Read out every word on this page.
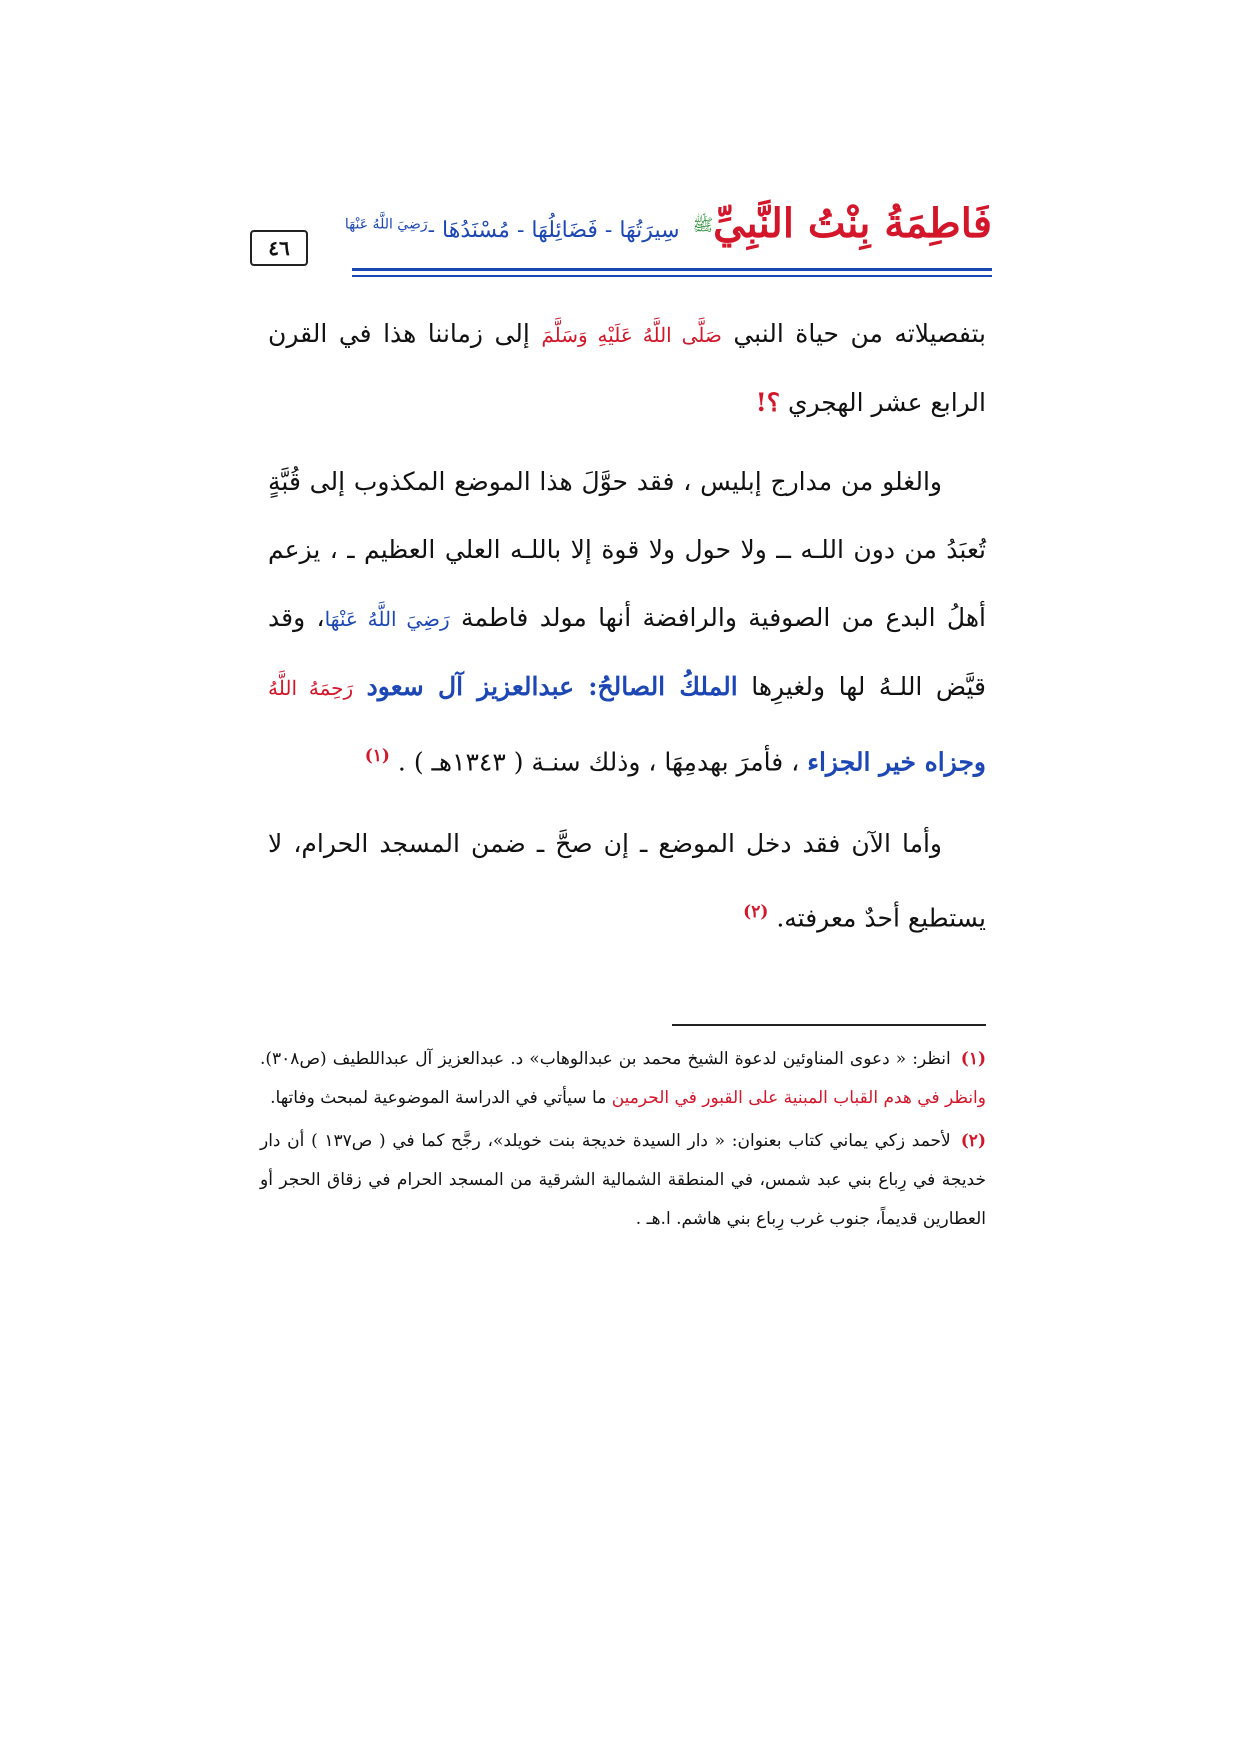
فَاطِمَةُ بِنْتُ النَّبِيِّﷺ سِيرَتُهَا - فَضَائِلُهَا - مُسْنَدُهَا -$^{رَضِيَ اللَّهُ عَنْهَا}$
٤٦

بتفصيلاته من حياة النبي صَلَّى اللَّهُ عَلَيْهِ وَسَلَّمَ إلى زماننا هذا في القرن الرابع عشر الهجري ؟!

والغلو من مدارج إبليس ، فقد حوَّلَ هذا الموضع المكذوب إلى قُبَّةٍ تُعبَدُ من دون اللـه ــ ولا حول ولا قوة إلا باللـه العلي العظيم ـ ، يزعم أهلُ البدع من الصوفية والرافضة أنها مولد فاطمة رَضِيَ اللَّهُ عَنْهَا، وقد قيَّض اللـهُ لها ولغيرِها الملكُ الصالحُ: عبدالعزيز آل سعود رَحِمَهُ اللَّهُ وجزاه خير الجزاء ، فأمرَ بهدمِهَا ، وذلك سنـة ( ١٣٤٣هـ ) . $^{(١)}$

وأما الآن فقد دخل الموضع ـ إن صحَّ ـ ضمن المسجد الحرام، لا يستطيع أحدٌ معرفته. $^{(٢)}$

(١)انظر: « دعوى المناوئين لدعوة الشيخ محمد بن عبدالوهاب» د. عبدالعزيز آل عبداللطيف (ص٣٠٨). وانظر في هدم القباب المبنية على القبور في الحرمين ما سيأتي في الدراسة الموضوعية لمبحث وفاتها.

(٢)لأحمد زكي يماني كتاب بعنوان: « دار السيدة خديجة بنت خويلد»، رجَّح كما في ( ص١٣٧ ) أن دار خديجة في رِباع بني عبد شمس، في المنطقة الشمالية الشرقية من المسجد الحرام في زقاق الحجر أو العطارين قديماً، جنوب غرب رِباع بني هاشم. ا.هـ .
